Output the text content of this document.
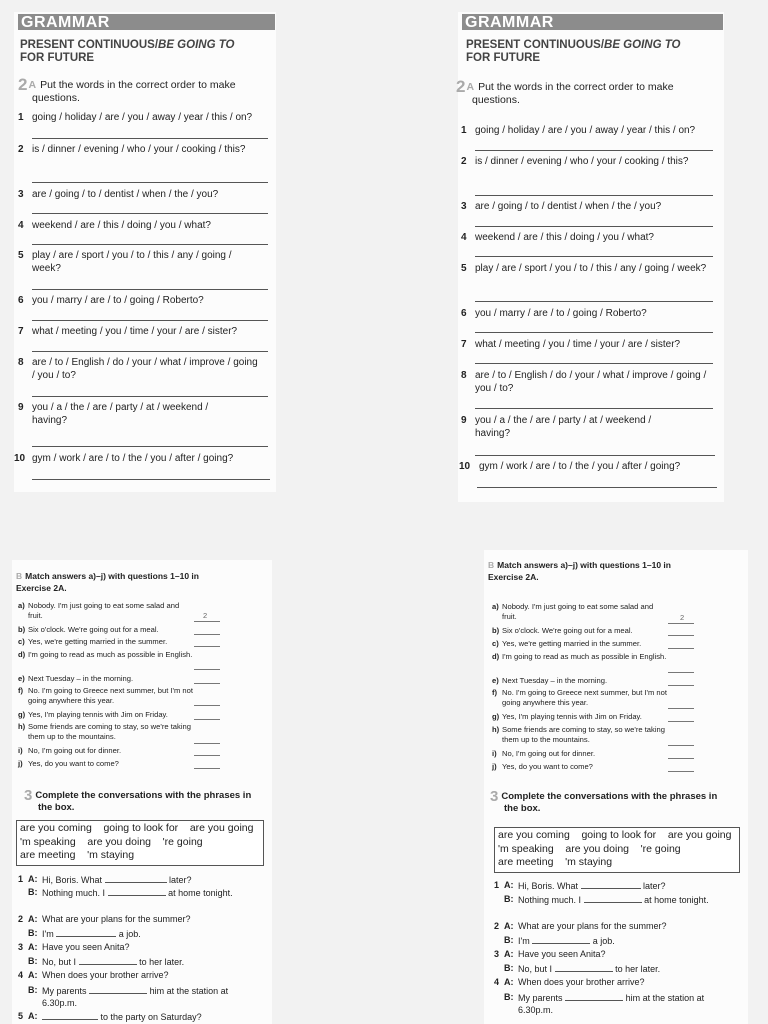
GRAMMAR
PRESENT CONTINUOUS/BE GOING TO
FOR FUTURE
2A Put the words in the correct order to make
questions.
1 going / holiday / are / you / away / year / this / on?
2 is / dinner / evening / who / your / cooking / this?
3 are / going / to / dentist / when / the / you?
4 weekend / are / this / doing / you / what?
5 play / are / sport / you / to / this / any / going / week?
6 you / marry / are / to / going / Roberto?
7 what / meeting / you / time / your / are / sister?
8 are / to / English / do / your / what / improve / going / you / to?
9 you / a / the / are / party / at / weekend / having?
10 gym / work / are / to / the / you / after / going?
B Match answers a)–j) with questions 1–10 in
Exercise 2A.
a) Nobody. I'm just going to eat some salad and fruit.	2
b) Six o'clock. We're going out for a meal.
c) Yes, we're getting married in the summer.
d) I'm going to read as much as possible in English.
e) Next Tuesday – in the morning.
f) No. I'm going to Greece next summer, but I'm not going anywhere this year.
g) Yes, I'm playing tennis with Jim on Friday.
h) Some friends are coming to stay, so we're taking them up to the mountains.
i) No, I'm going out for dinner.
j) Yes, do you want to come?
3 Complete the conversations with the phrases in
the box.
are you coming    going to look for    are you going
'm speaking    are you doing    're going
are meeting    'm staying
1 A: Hi, Boris. What	later?
B: Nothing much. I	at home tonight.
2 A: What are your plans for the summer?
B: I'm	a job.
3 A: Have you seen Anita?
B: No, but I	to her later.
4 A: When does your brother arrive?
B: My parents	him at the station at 6.30p.m.
5 A:	to the party on Saturday?
GRAMMAR
PRESENT CONTINUOUS/BE GOING TO
FOR FUTURE
2A Put the words in the correct order to make
questions.
1 going / holiday / are / you / away / year / this / on?
2 is / dinner / evening / who / your / cooking / this?
3 are / going / to / dentist / when / the / you?
4 weekend / are / this / doing / you / what?
5 play / are / sport / you / to / this / any / going / week?
6 you / marry / are / to / going / Roberto?
7 what / meeting / you / time / your / are / sister?
8 are / to / English / do / your / what / improve / going / you / to?
9 you / a / the / are / party / at / weekend / having?
10 gym / work / are / to / the / you / after / going?
B Match answers a)–j) with questions 1–10 in
Exercise 2A.
a) Nobody. I'm just going to eat some salad and fruit.	2
b) Six o'clock. We're going out for a meal.
c) Yes, we're getting married in the summer.
d) I'm going to read as much as possible in English.
e) Next Tuesday – in the morning.
f) No. I'm going to Greece next summer, but I'm not going anywhere this year.
g) Yes, I'm playing tennis with Jim on Friday.
h) Some friends are coming to stay, so we're taking them up to the mountains.
i) No, I'm going out for dinner.
j) Yes, do you want to come?
3 Complete the conversations with the phrases in
the box.
are you coming    going to look for    are you going
'm speaking    are you doing    're going
are meeting    'm staying
1 A: Hi, Boris. What	later?
B: Nothing much. I	at home tonight.
2 A: What are your plans for the summer?
B: I'm	a job.
3 A: Have you seen Anita?
B: No, but I	to her later.
4 A: When does your brother arrive?
B: My parents	him at the station at 6.30p.m.
